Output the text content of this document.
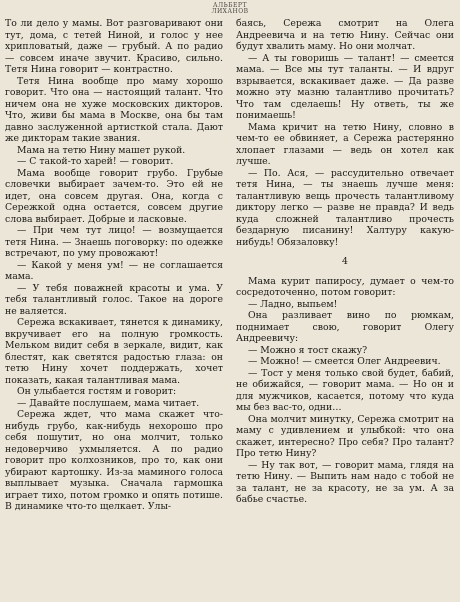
АЛЬБЕРТ
ЛИХАНОВ

То ли дело у мамы. Вот разговаривают они тут, дома, с тетей Ниной, и голос у нее хрипловатый, даже — грубый. А по радио — совсем иначе звучит. Красиво, сильно. Тетя Нина говорит — контрастно.

Тетя Нина вообще про маму хорошо говорит. Что она — настоящий талант. Что ничем она не хуже московских дикторов. Что, живи бы мама в Москве, она бы там давно заслуженной артисткой стала. Дают же дикторам такие звания.

Мама на тетю Нину машет рукой.

— С такой-то харей! — говорит.

Мама вообще говорит грубо. Грубые словечки выбирает зачем-то. Это ей не идет, она совсем другая. Она, когда с Сережкой одна остается, совсем другие слова выбирает. Добрые и ласковые.

— При чем тут лицо! — возмущается тетя Нина. — Знаешь поговорку: по одежке встречают, по уму провожают!

— Какой у меня ум! — не соглашается мама.

— У тебя поважней красоты и ума. У тебя талантливый голос. Такое на дороге не валяется.

Сережа вскакивает, тянется к динамику, вкручивает его на полную громкость. Мельком видит себя в зеркале, видит, как блестят, как светятся радостью глаза: он тетю Нину хочет поддержать, хочет показать, какая талантливая мама.

Он улыбается гостям и говорит:

— Давайте послушаем, мама читает.

Сережа ждет, что мама скажет что-нибудь грубо, как-нибудь нехорошо про себя пошутит, но она молчит, только недоверчиво ухмыляется. А по радио говорит про колхозников, про то, как они убирают картошку. Из-за маминого голоса выплывает музыка. Сначала гармошка играет тихо, потом громко и опять потише. В динамике что-то щелкает. Улы-

баясь, Сережа смотрит на Олега Андреевича и на тетю Нину. Сейчас они будут хвалить маму. Но они молчат.

— А ты говоришь — талант! — смеется мама. — Все мы тут таланты. — И вдруг взрывается, вскакивает даже. — Да разве можно эту мазню талантливо прочитать? Что там сделаешь! Ну ответь, ты же понимаешь!

Мама кричит на тетю Нину, словно в чем-то ее обвиняет, а Сережа растерянно хлопает глазами — ведь он хотел как лучше.

— По. Ася, — рассудительно отвечает тетя Нина, — ты знаешь лучше меня: талантливую вещь прочесть талантливому диктору легко — разве не правда? И ведь куда сложней талантливо прочесть бездарную писанину! Халтуру какую-нибудь! Обязаловку!

4

Мама курит папиросу, думает о чем-то сосредоточенно, потом говорит:

— Ладно, выпьем!

Она разливает вино по рюмкам, поднимает свою, говорит Олегу Андреевичу:

— Можно я тост скажу?

— Можно! — смеется Олег Андреевич.

— Тост у меня только свой будет, бабий, не обижайся, — говорит мама. — Но он и для мужчиков, касается, потому что куда мы без вас-то, одни…

Она молчит минутку, Сережа смотрит на маму с удивлением и улыбкой: что она скажет, интересно? Про себя? Про талант? Про тетю Нину?

— Ну так вот, — говорит мама, глядя на тетю Нину. — Выпить нам надо с тобой не за талант, не за красоту, не за ум. А за бабье счастье.
